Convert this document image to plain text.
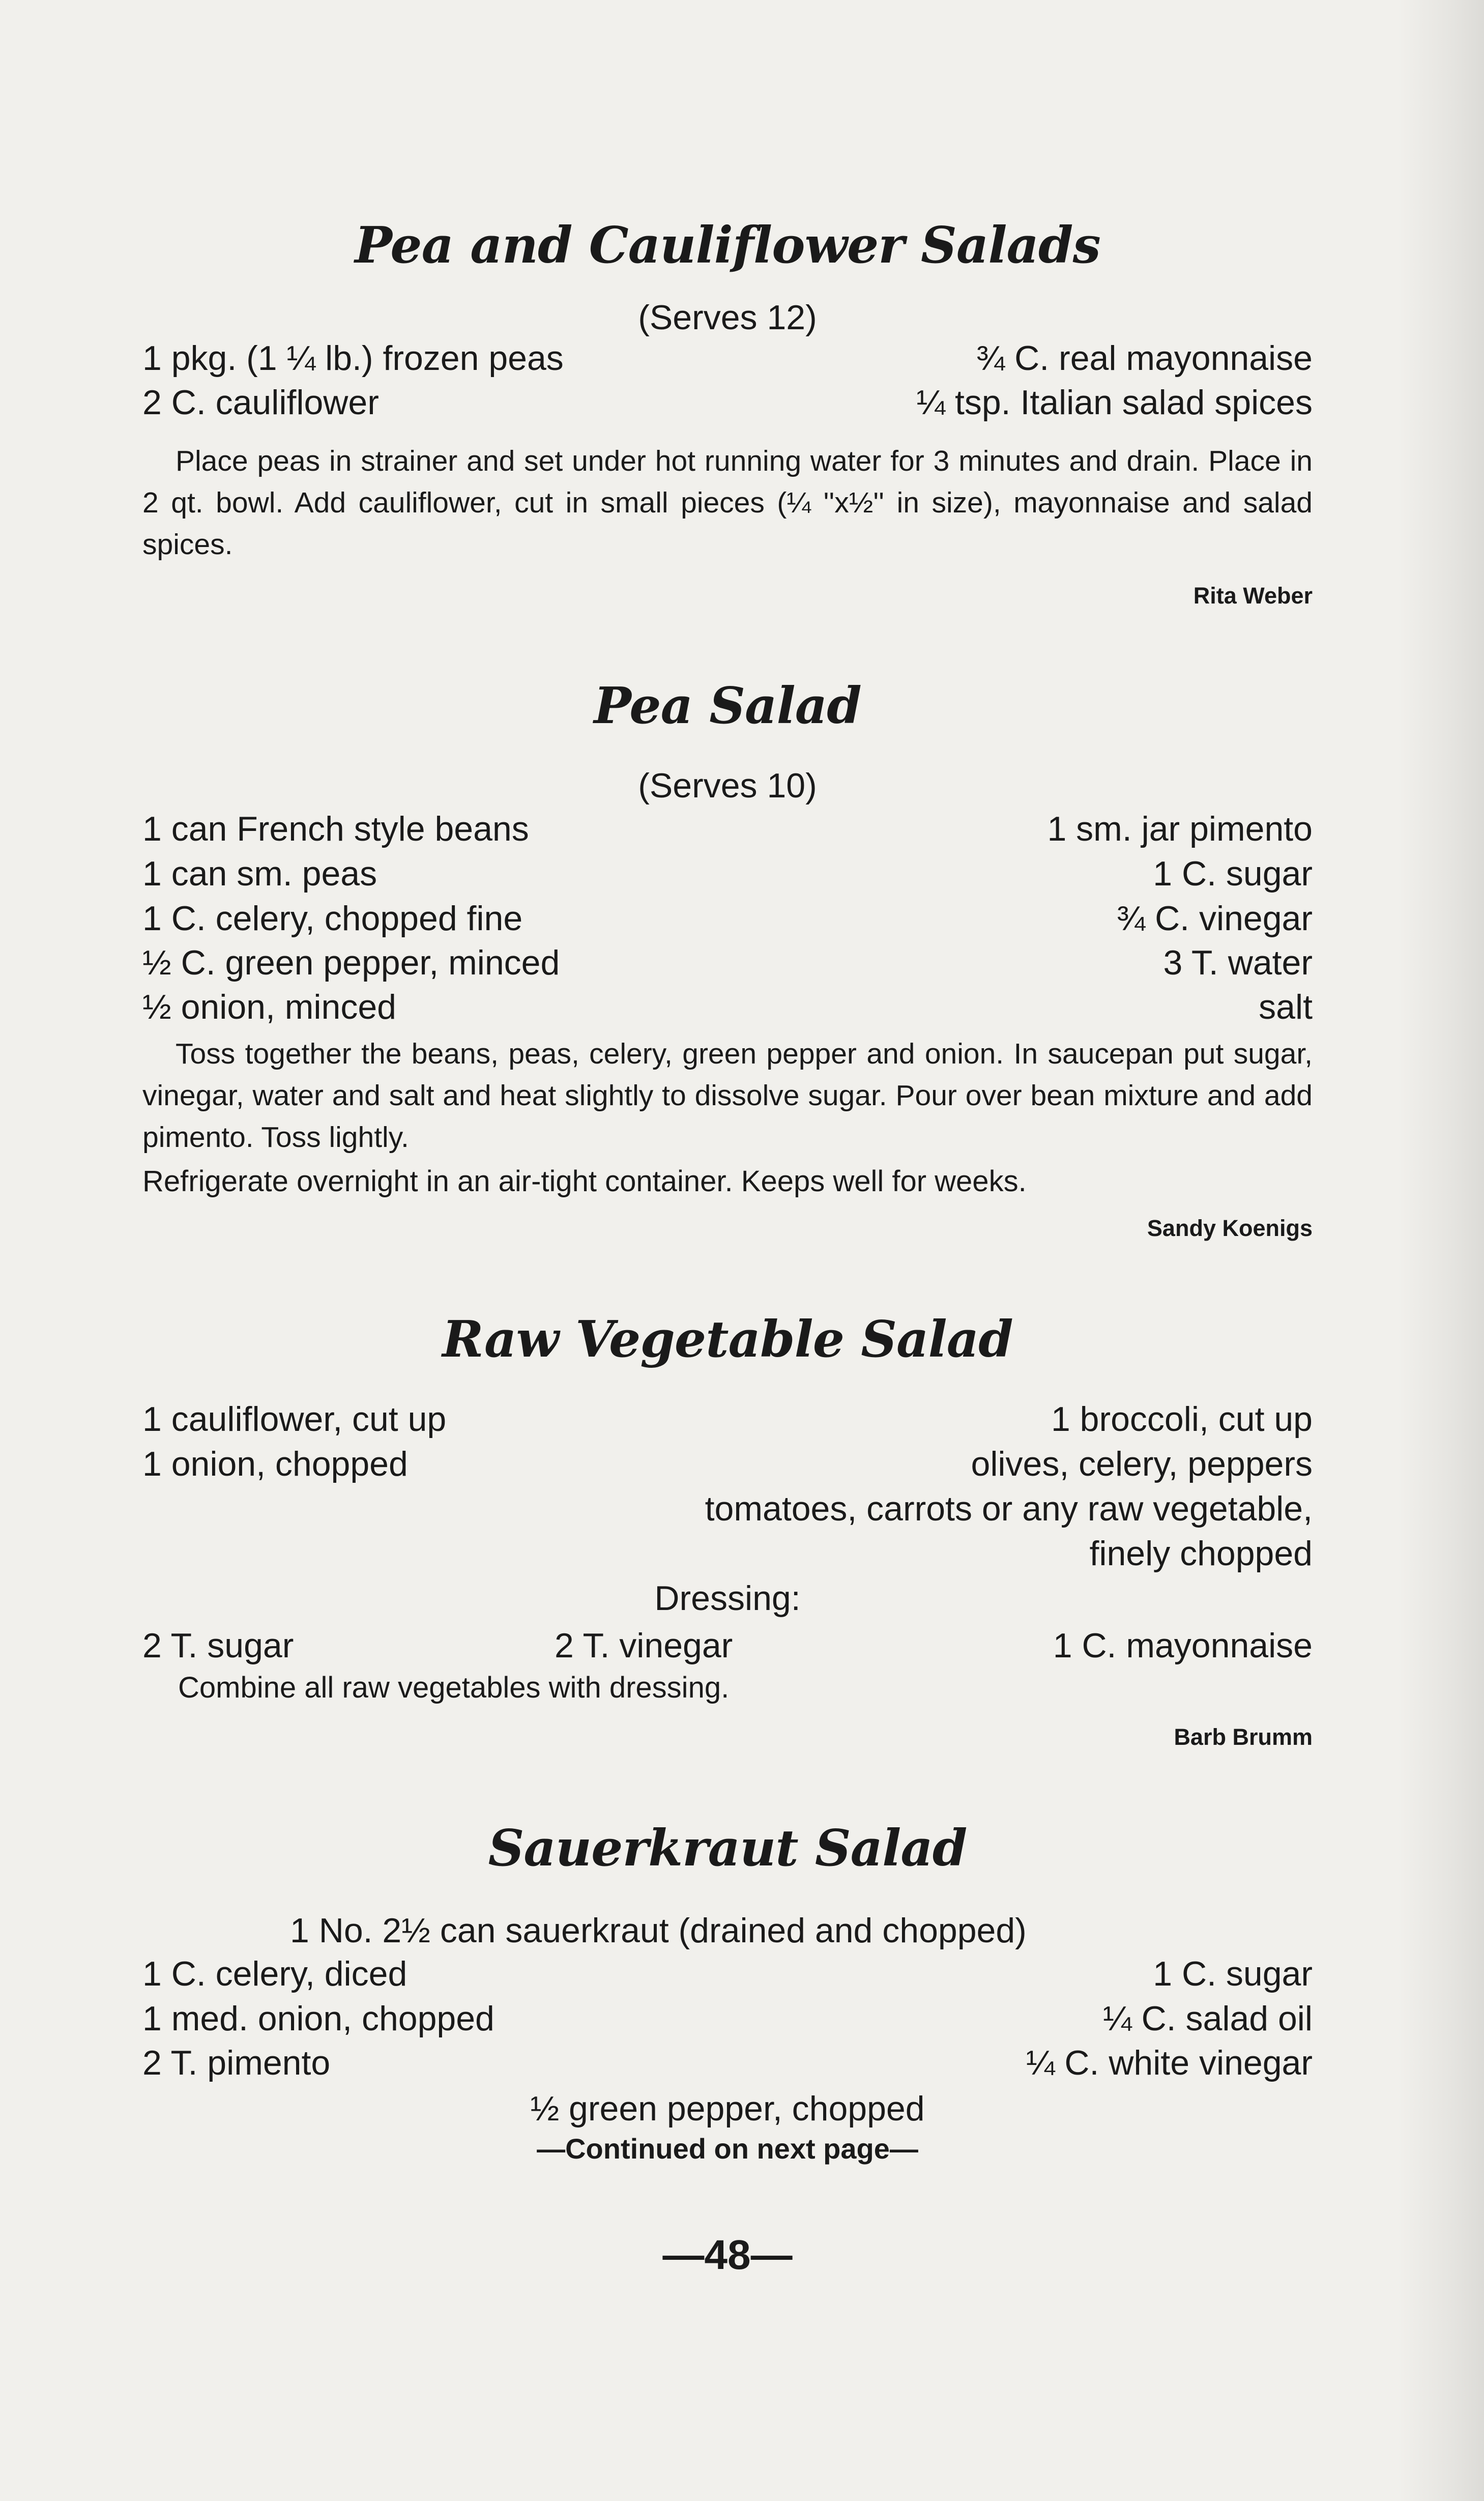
Pea and Cauliflower Salads
(Serves 12)
1 pkg. (1 ¼ lb.) frozen peas	¾ C. real mayonnaise
2 C. cauliflower	¼ tsp. Italian salad spices

Place peas in strainer and set under hot running water for 3 minutes and drain. Place in 2 qt. bowl. Add cauliflower, cut in small pieces (¼ ''x½'' in size), mayonnaise and salad spices.

Rita Weber
Pea Salad
(Serves 10)
1 can French style beans	1 sm. jar pimento
1 can sm. peas	1 C. sugar
1 C. celery, chopped fine	¾ C. vinegar
½ C. green pepper, minced	3 T. water
½ onion, minced	salt

Toss together the beans, peas, celery, green pepper and onion. In saucepan put sugar, vinegar, water and salt and heat slightly to dissolve sugar. Pour over bean mixture and add pimento. Toss lightly.

Refrigerate overnight in an air-tight container. Keeps well for weeks.
Sandy Koenigs
Raw Vegetable Salad
1 cauliflower, cut up	1 broccoli, cut up
1 onion, chopped	olives, celery, peppers
tomatoes, carrots or any raw vegetable,
finely chopped
Dressing:
2 T. sugar	2 T. vinegar	1 C. mayonnaise
Combine all raw vegetables with dressing.
Barb Brumm
Sauerkraut Salad
1 No. 2½ can sauerkraut (drained and chopped)
1 C. celery, diced	1 C. sugar
1 med. onion, chopped	¼ C. salad oil
2 T. pimento	¼ C. white vinegar
½ green pepper, chopped
—Continued on next page—
—48—
